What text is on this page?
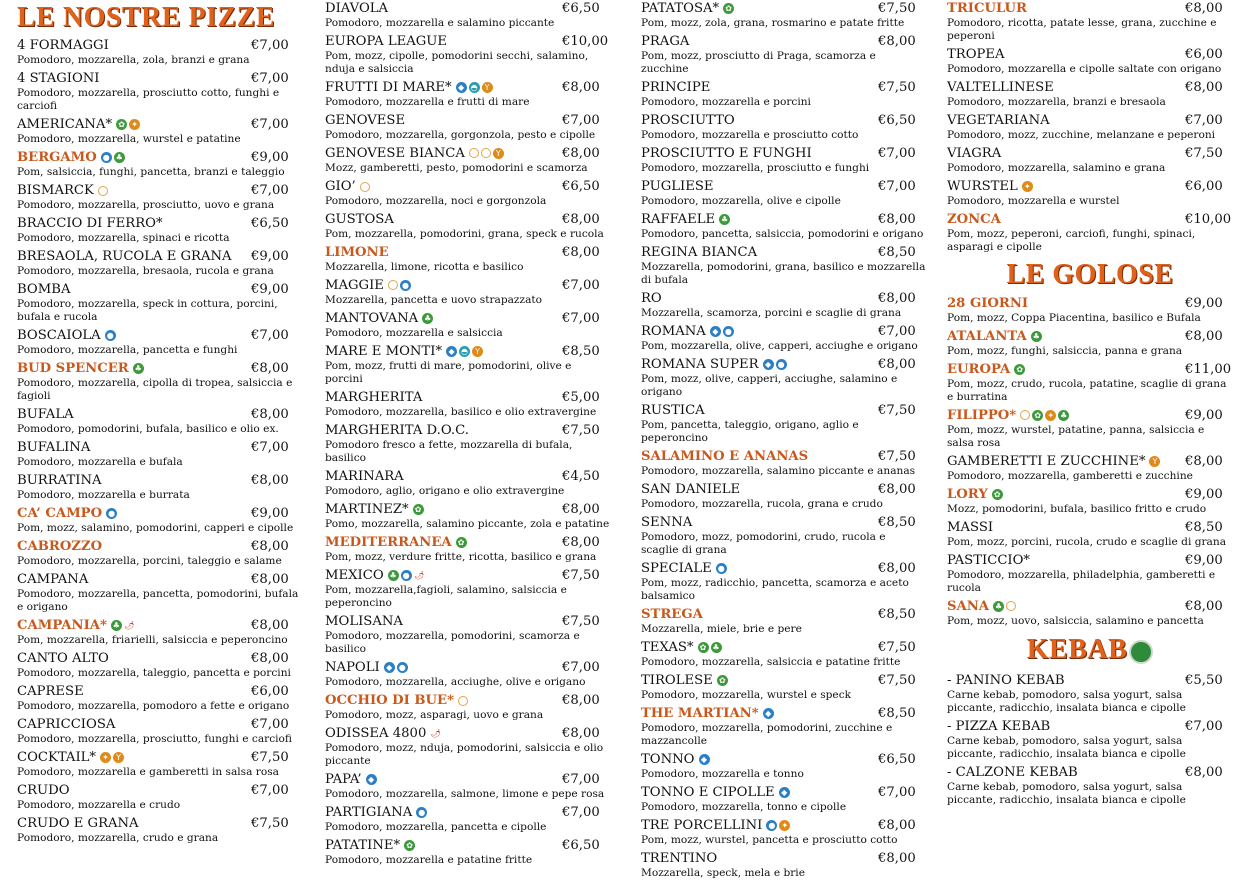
LE NOSTRE PIZZE
4 FORMAGGI	€7,00
Pomodoro, mozzarella, zola, branzi e grana
4 STAGIONI	€7,00
Pomodoro, mozzarella, prosciutto cotto, funghi e carciofi
AMERICANA* ✿ ✦	€7,00
Pomodoro, mozzarella, wurstel e patatine
BERGAMO ● ♣	€9,00
Pom, salsiccia, funghi, pancetta, branzi e taleggio
BISMARCK	€7,00
Pomodoro, mozzarella, prosciutto, uovo e grana
BRACCIO DI FERRO*	€6,50
Pomodoro, mozzarella, spinaci e ricotta
BRESAOLA, RUCOLA E GRANA €9,00
Pomodoro, mozzarella, bresaola, rucola e grana
BOMBA	€9,00
Pomodoro, mozzarella, speck in cottura, porcini, bufala e rucola
BOSCAIOLA ●	€7,00
Pomodoro, mozzarella, pancetta e funghi
BUD SPENCER ♣	€8,00
Pomodoro, mozzarella, cipolla di tropea, salsiccia e fagioli
BUFALA	€8,00
Pomodoro, pomodorini, bufala, basilico e olio ex.
BUFALINA	€7,00
Pomodoro, mozzarella e bufala
BURRATINA	€8,00
Pomodoro, mozzarella e burrata
CA’ CAMPO ●	€9,00
Pom, mozz, salamino, pomodorini, capperi e cipolle
CABROZZO	€8,00
Pomodoro, mozzarella, porcini, taleggio e salame
CAMPANA	€8,00
Pomodoro, mozzarella, pancetta, pomodorini, bufala e origano
CAMPANIA* ♣ 🌶	€8,00
Pom, mozzarella, friarielli, salsiccia e peperoncino
CANTO ALTO	€8,00
Pomodoro, mozzarella, taleggio, pancetta e porcini
CAPRESE	€6,00
Pomodoro, mozzarella, pomodoro a fette e origano
CAPRICCIOSA	€7,00
Pomodoro, mozzarella, prosciutto, funghi e carciofi
COCKTAIL* ✦ Y	€7,50
Pomodoro, mozzarella e gamberetti in salsa rosa
CRUDO	€7,00
Pomodoro, mozzarella e crudo
CRUDO E GRANA	€7,50
Pomodoro, mozzarella, crudo e grana
DIAVOLA	€6,50
Pomodoro, mozzarella e salamino piccante
EUROPA LEAGUE	€10,00
Pom, mozz, cipolle, pomodorini secchi, salamino, nduja e salsiccia
FRUTTI DI MARE* ◆ ◓ Y	€8,00
Pomodoro, mozzarella e frutti di mare
GENOVESE	€7,00
Pomodoro, mozzarella, gorgonzola, pesto e cipolle
GENOVESE BIANCA	Y	€8,00
Mozz, gamberetti, pesto, pomodorini e scamorza
GIO’	€6,50
Pomodoro, mozzarella, noci e gorgonzola
GUSTOSA	€8,00
Pom, mozzarella, pomodorini, grana, speck e rucola
LIMONE	€8,00
Mozzarella, limone, ricotta e basilico
MAGGIE ●	€7,00
Mozzarella, pancetta e uovo strapazzato
MANTOVANA ♣	€7,00
Pomodoro, mozzarella e salsiccia
MARE E MONTI* ◆ ◓ Y	€8,50
Pom, mozz, frutti di mare, pomodorini, olive e porcini
MARGHERITA	€5,00
Pomodoro, mozzarella, basilico e olio extravergine
MARGHERITA D.O.C.	€7,50
Pomodoro fresco a fette, mozzarella di bufala, basilico
MARINARA	€4,50
Pomodoro, aglio, origano e olio extravergine
MARTINEZ* ✿	€8,00
Pomo, mozzarella, salamino piccante, zola e patatine
MEDITERRANEA ✿	€8,00
Pom, mozz, verdure fritte, ricotta, basilico e grana
MEXICO ♣ ● 🌶	€7,50
Pom, mozzarella,fagioli, salamino, salsiccia e peperoncino
MOLISANA	€7,50
Pomodoro, mozzarella, pomodorini, scamorza e basilico
NAPOLI ◆ ●	€7,00
Pomodoro, mozzarella, acciughe, olive e origano
OCCHIO DI BUE*	€8,00
Pomodoro, mozz, asparagi, uovo e grana
ODISSEA 4800 🌶	€8,00
Pomodoro, mozz, nduja, pomodorini, salsiccia e olio piccante
PAPA’ ◆	€7,00
Pomodoro, mozzarella, salmone, limone e pepe rosa
PARTIGIANA ●	€7,00
Pomodoro, mozzarella, pancetta e cipolle
PATATINE* ✿	€6,50
Pomodoro, mozzarella e patatine fritte
PATATOSA* ✿	€7,50
Pom, mozz, zola, grana, rosmarino e patate fritte
PRAGA	€8,00
Pom, mozz, prosciutto di Praga, scamorza e zucchine
PRINCIPE	€7,50
Pomodoro, mozzarella e porcini
PROSCIUTTO	€6,50
Pomodoro, mozzarella e prosciutto cotto
PROSCIUTTO E FUNGHI	€7,00
Pomodoro, mozzarella, prosciutto e funghi
PUGLIESE	€7,00
Pomodoro, mozzarella, olive e cipolle
RAFFAELE ♣	€8,00
Pomodoro, pancetta, salsiccia, pomodorini e origano
REGINA BIANCA	€8,50
Mozzarella, pomodorini, grana, basilico e mozzarella di bufala
RO	€8,00
Mozzarella, scamorza, porcini e scaglie di grana
ROMANA ◆ ●	€7,00
Pom, mozzarella, olive, capperi, acciughe e origano
ROMANA SUPER ◆ ●	€8,00
Pom, mozz, olive, capperi, acciughe, salamino e origano
RUSTICA	€7,50
Pom, pancetta, taleggio, origano, aglio e peperoncino
SALAMINO E ANANAS	€7,50
Pomodoro, mozzarella, salamino piccante e ananas
SAN DANIELE	€8,00
Pomodoro, mozzarella, rucola, grana e crudo
SENNA	€8,50
Pomodoro, mozz, pomodorini, crudo, rucola e scaglie di grana
SPECIALE ●	€8,00
Pom, mozz, radicchio, pancetta, scamorza e aceto balsamico
STREGA	€8,50
Mozzarella, miele, brie e pere
TEXAS* ✿ ♣	€7,50
Pomodoro, mozzarella, salsiccia e patatine fritte
TIROLESE ✿	€7,50
Pomodoro, mozzarella, wurstel e speck
THE MARTIAN* ◆	€8,50
Pomodoro, mozzarella, pomodorini, zucchine e mazzancolle
TONNO ◆	€6,50
Pomodoro, mozzarella e tonno
TONNO E CIPOLLE ◆	€7,00
Pomodoro, mozzarella, tonno e cipolle
TRE PORCELLINI ● ✦	€8,00
Pom, mozz, wurstel, pancetta e prosciutto cotto
TRENTINO	€8,00
Mozzarella, speck, mela e brie
TRICULUR	€8,00
Pomodoro, ricotta, patate lesse, grana, zucchine e peperoni
TROPEA	€6,00
Pomodoro, mozzarella e cipolle saltate con origano
VALTELLINESE	€8,00
Pomodoro, mozzarella, branzi e bresaola
VEGETARIANA	€7,00
Pomodoro, mozz, zucchine, melanzane e peperoni
VIAGRA	€7,50
Pomodoro, mozzarella, salamino e grana
WURSTEL ✦	€6,00
Pomodoro, mozzarella e wurstel
ZONCA	€10,00
Pom, mozz, peperoni, carciofi, funghi, spinaci, asparagi e cipolle
LE GOLOSE
28 GIORNI	€9,00
Pom, mozz, Coppa Piacentina, basilico e Bufala
ATALANTA ♣	€8,00
Pom, mozz, funghi, salsiccia, panna e grana
EUROPA ✿	€11,00
Pom, mozz, crudo, rucola, patatine, scaglie di grana e burratina
FILIPPO* ✿ ✦ ♣	€9,00
Pom, mozz, wurstel, patatine, panna, salsiccia e salsa rosa
GAMBERETTI E ZUCCHINE* Y €8,00
Pomodoro, mozzarella, gamberetti e zucchine
LORY ✿	€9,00
Mozz, pomodorini, bufala, basilico fritto e crudo
MASSI	€8,50
Pom, mozz, porcini, rucola, crudo e scaglie di grana
PASTICCIO*	€9,00
Pomodoro, mozzarella, philadelphia, gamberetti e rucola
SANA ♣	€8,00
Pom, mozz, uovo, salsiccia, salamino e pancetta
KEBAB
- PANINO KEBAB	€5,50
Carne kebab, pomodoro, salsa yogurt, salsa piccante, radicchio, insalata bianca e cipolle
- PIZZA KEBAB	€7,00
Carne kebab, pomodoro, salsa yogurt, salsa piccante, radicchio, insalata bianca e cipolle
- CALZONE KEBAB	€8,00
Carne kebab, pomodoro, salsa yogurt, salsa piccante, radicchio, insalata bianca e cipolle
